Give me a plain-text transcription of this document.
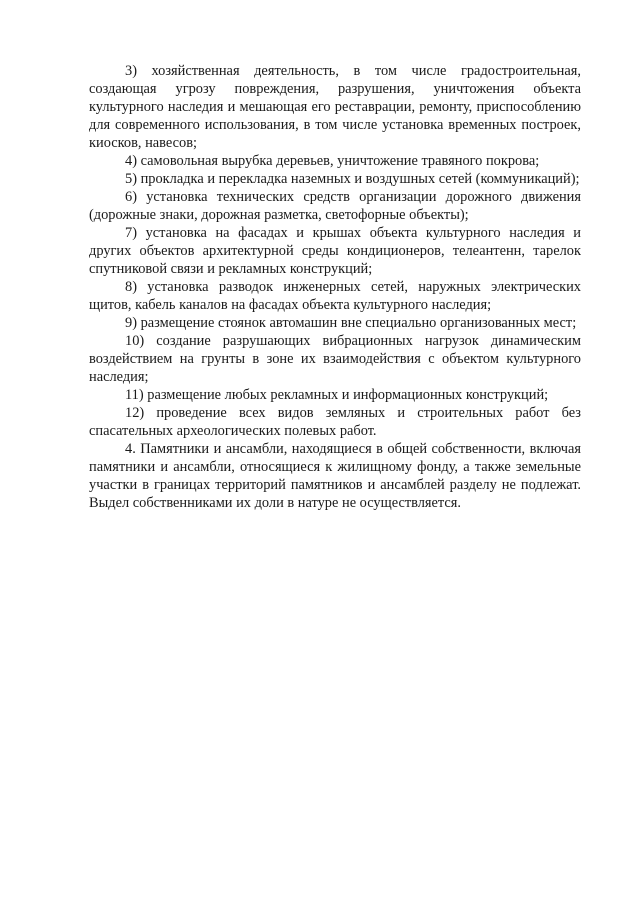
3) хозяйственная деятельность, в том числе градостроительная, создающая угрозу повреждения, разрушения, уничтожения объекта культурного наследия и мешающая его реставрации, ремонту, приспособлению для современного использования, в том числе установка временных построек, киосков, навесов;

4) самовольная вырубка деревьев, уничтожение травяного покрова;

5) прокладка и перекладка наземных и воздушных сетей (коммуникаций);

6) установка технических средств организации дорожного движения (дорожные знаки, дорожная разметка, светофорные объекты);

7) установка на фасадах и крышах объекта культурного наследия и других объектов архитектурной среды кондиционеров, телеантенн, тарелок спутниковой связи и рекламных конструкций;

8) установка разводок инженерных сетей, наружных электрических щитов, кабель каналов на фасадах объекта культурного наследия;

9) размещение стоянок автомашин вне специально организованных мест;

10) создание разрушающих вибрационных нагрузок динамическим воздействием на грунты в зоне их взаимодействия с объектом культурного наследия;

11) размещение любых рекламных и информационных конструкций;

12) проведение всех видов земляных и строительных работ без спасательных археологических полевых работ.

4. Памятники и ансамбли, находящиеся в общей собственности, включая памятники и ансамбли, относящиеся к жилищному фонду, а также земельные участки в границах территорий памятников и ансамблей разделу не подлежат. Выдел собственниками их доли в натуре не осуществляется.
